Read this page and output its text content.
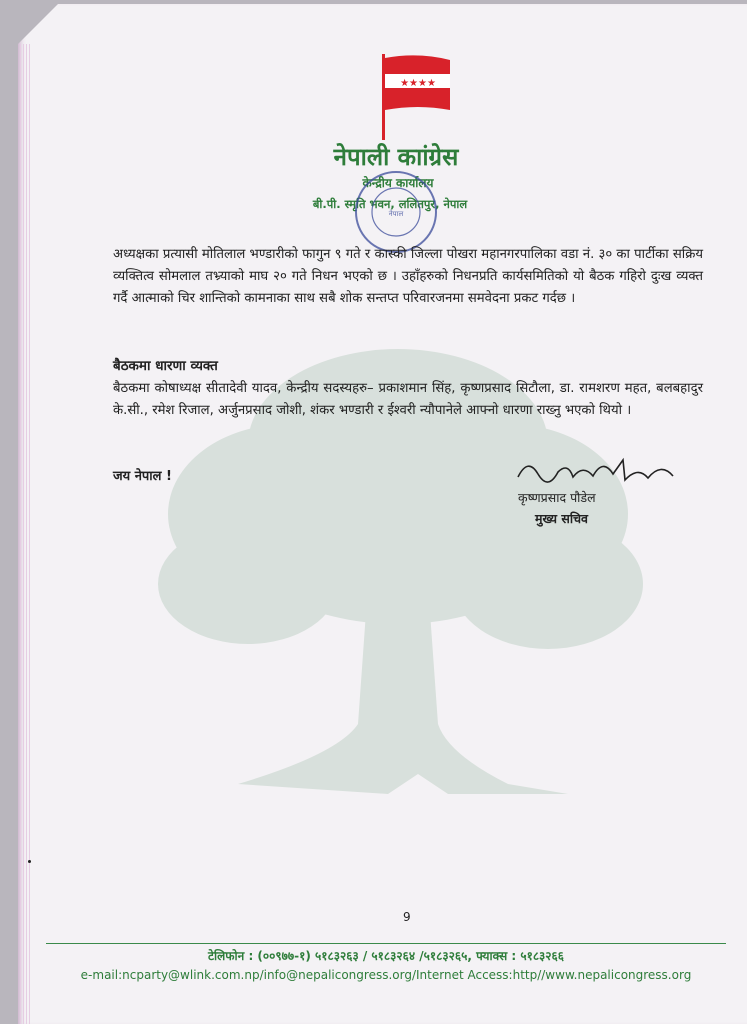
★★★★
नेपाली काांग्रेस
केन्द्रीय कार्यालय
बी.पी. स्मृति भवन, ललितपुर, नेपाल
नेपाल
अध्यक्षका प्रत्यासी मोतिलाल भण्डारीको फागुन ९ गते र कास्की जिल्ला पोखरा महानगरपालिका वडा नं. ३० का पार्टीका सक्रिय व्यक्तित्व सोमलाल तभ्र्याको माघ २० गते निधन भएको छ । उहाँहरुको निधनप्रति कार्यसमितिको यो बैठक गहिरो दुःख व्यक्त गर्दै आत्माको चिर शान्तिको कामनाका साथ सबै शोक सन्तप्त परिवारजनमा समवेदना प्रकट गर्दछ ।
बैठकमा धारणा व्यक्त
बैठकमा कोषाध्यक्ष सीतादेवी यादव, केन्द्रीय सदस्यहरु– प्रकाशमान सिंह, कृष्णप्रसाद सिटौला, डा. रामशरण महत, बलबहादुर के.सी., रमेश रिजाल, अर्जुनप्रसाद जोशी, शंकर भण्डारी र ईश्वरी न्यौपानेले आफ्नो धारणा राख्नु भएको थियो ।
जय नेपाल !
कृष्णप्रसाद पौडेल
मुख्य सचिव
9
टेलिफोन : (००९७७-१) ५१८३२६३ / ५१८३२६४ /५१८३२६५, फ्याक्स : ५१८३२६६
e-mail:ncparty@wlink.com.np/info@nepalicongress.org/Internet Access:http//www.nepalicongress.org
